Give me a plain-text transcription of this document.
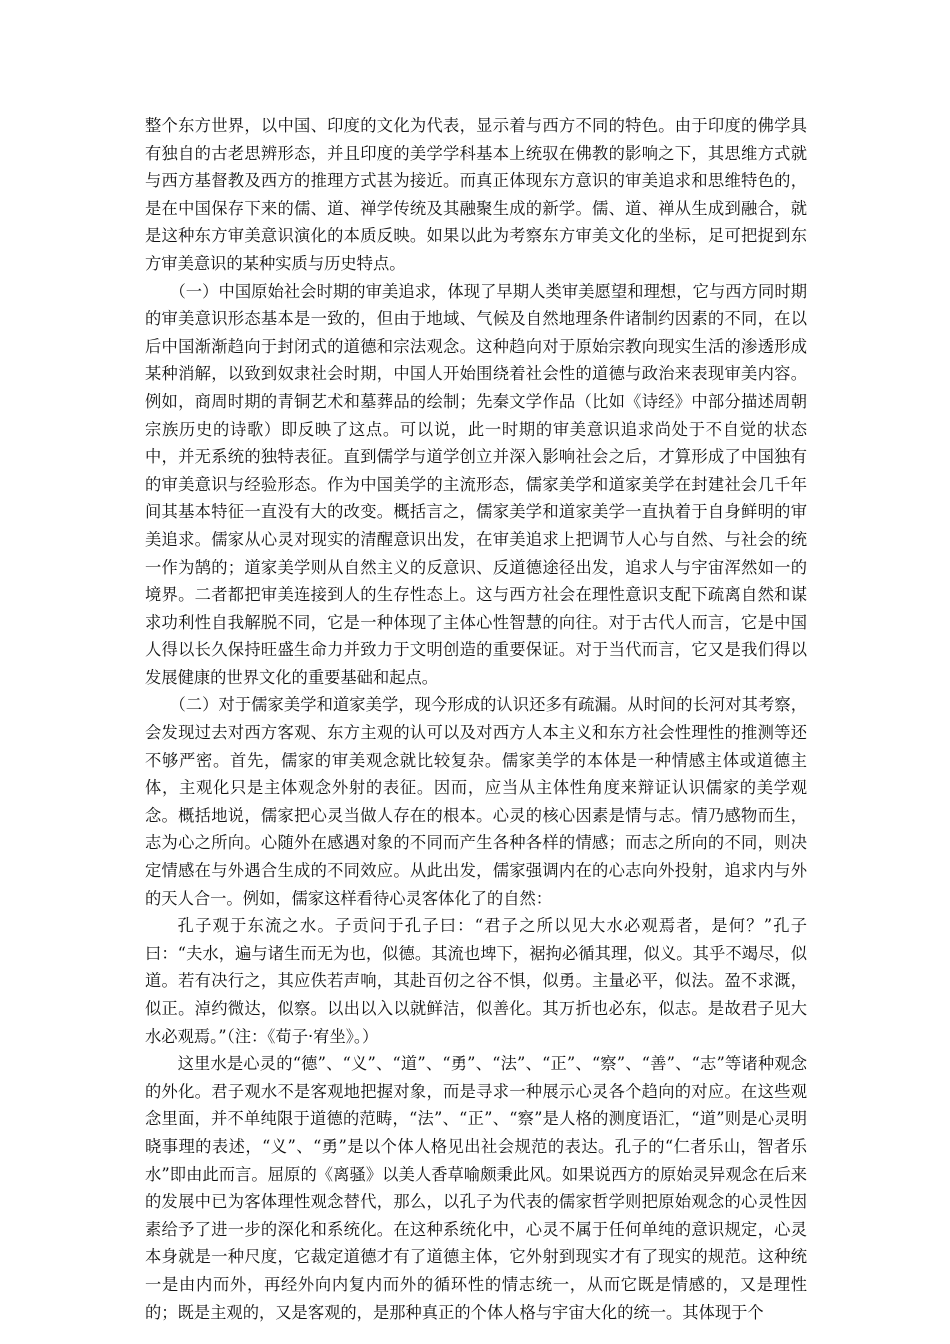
整个东方世界，以中国、印度的文化为代表，显示着与西方不同的特色。由于印度的佛学具有独自的古老思辨形态，并且印度的美学学科基本上统驭在佛教的影响之下，其思维方式就与西方基督教及西方的推理方式甚为接近。而真正体现东方意识的审美追求和思维特色的，是在中国保存下来的儒、道、禅学传统及其融聚生成的新学。儒、道、禅从生成到融合，就是这种东方审美意识演化的本质反映。如果以此为考察东方审美文化的坐标，足可把捉到东方审美意识的某种实质与历史特点。

（一）中国原始社会时期的审美追求，体现了早期人类审美愿望和理想，它与西方同时期的审美意识形态基本是一致的，但由于地域、气候及自然地理条件诸制约因素的不同，在以后中国渐渐趋向于封闭式的道德和宗法观念。这种趋向对于原始宗教向现实生活的渗透形成某种消解，以致到奴隶社会时期，中国人开始围绕着社会性的道德与政治来表现审美内容。例如，商周时期的青铜艺术和墓葬品的绘制；先秦文学作品（比如《诗经》中部分描述周朝宗族历史的诗歌）即反映了这点。可以说，此一时期的审美意识追求尚处于不自觉的状态中，并无系统的独特表征。直到儒学与道学创立并深入影响社会之后，才算形成了中国独有的审美意识与经验形态。作为中国美学的主流形态，儒家美学和道家美学在封建社会几千年间其基本特征一直没有大的改变。概括言之，儒家美学和道家美学一直执着于自身鲜明的审美追求。儒家从心灵对现实的清醒意识出发，在审美追求上把调节人心与自然、与社会的统一作为鹄的；道家美学则从自然主义的反意识、反道德途径出发，追求人与宇宙浑然如一的境界。二者都把审美连接到人的生存性态上。这与西方社会在理性意识支配下疏离自然和谋求功利性自我解脱不同，它是一种体现了主体心性智慧的向往。对于古代人而言，它是中国人得以长久保持旺盛生命力并致力于文明创造的重要保证。对于当代而言，它又是我们得以发展健康的世界文化的重要基础和起点。

（二）对于儒家美学和道家美学，现今形成的认识还多有疏漏。从时间的长河对其考察，会发现过去对西方客观、东方主观的认可以及对西方人本主义和东方社会性理性的推测等还不够严密。首先，儒家的审美观念就比较复杂。儒家美学的本体是一种情感主体或道德主体，主观化只是主体观念外射的表征。因而，应当从主体性角度来辩证认识儒家的美学观念。概括地说，儒家把心灵当做人存在的根本。心灵的核心因素是情与志。情乃感物而生，志为心之所向。心随外在感遇对象的不同而产生各种各样的情感；而志之所向的不同，则决定情感在与外遇合生成的不同效应。从此出发，儒家强调内在的心志向外投射，追求内与外的天人合一。例如，儒家这样看待心灵客体化了的自然：

孔子观于东流之水。子贡问于孔子曰：“君子之所以见大水必观焉者，是何？”孔子曰：“夫水，遍与诸生而无为也，似德。其流也埤下，裾拘必循其理，似义。其乎不竭尽，似道。若有决行之，其应佚若声响，其赴百仞之谷不惧，似勇。主量必平，似法。盈不求溉，似正。淖约微达，似察。以出以入以就鲜洁，似善化。其万折也必东，似志。是故君子见大水必观焉。”（注：《荀子·宥坐》。）

这里水是心灵的“德”、“义”、“道”、“勇”、“法”、“正”、“察”、“善”、“志”等诸种观念的外化。君子观水不是客观地把握对象，而是寻求一种展示心灵各个趋向的对应。在这些观念里面，并不单纯限于道德的范畴，“法”、“正”、“察”是人格的测度语汇，“道”则是心灵明晓事理的表述，“义”、“勇”是以个体人格见出社会规范的表达。孔子的“仁者乐山，智者乐水”即由此而言。屈原的《离骚》以美人香草喻颇秉此风。如果说西方的原始灵异观念在后来的发展中已为客体理性观念替代，那么，以孔子为代表的儒家哲学则把原始观念的心灵性因素给予了进一步的深化和系统化。在这种系统化中，心灵不属于任何单纯的意识规定，心灵本身就是一种尺度，它裁定道德才有了道德主体，它外射到现实才有了现实的规范。这种统一是由内而外，再经外向内复内而外的循环性的情志统一，从而它既是情感的，又是理性的；既是主观的，又是客观的，是那种真正的个体人格与宇宙大化的统一。其体现于个
